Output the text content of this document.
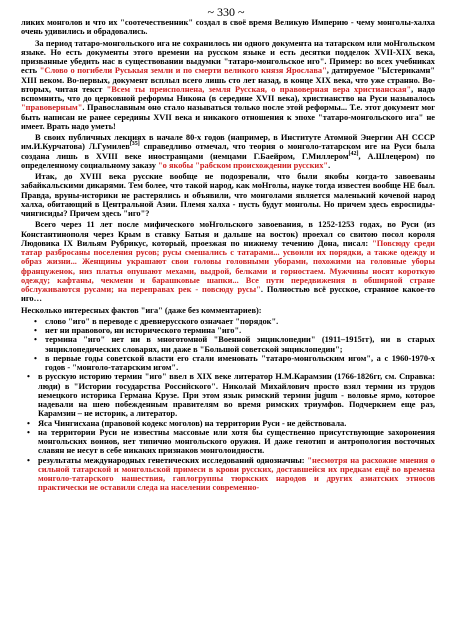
~ 330 ~

ликих монголов и что их "соотечественник" создал в своё время Великую Империю - чему монголы-халха очень удивились и обрадовались.

За период татаро-монгольского ига не сохранилось ни одного документа на татарском или моНгольском языке. Но есть документы этого времени на русском языке и есть десятки подделок XVII-XIX века, призванные убедить нас в существовании выдумки "татаро-монгольское иго". Пример: во всех учебниках есть "Слово о погибели Руськыя земли и по смерти великого князя Ярослава", датируемое "Ыстерикамн" XIII веком. Во-первых, документ всплыл всего лишь сто лет назад, в конце XIX века, что уже странно. Во-вторых, читая текст "Всем ты преисполнена, земля Русская, о правоверная вера христианская", надо вспомнить, что до церковной реформы Никона (в середине XVII века), христианство на Руси называлось "правоверным". Православным оно стало называться только после этой реформы... Т.е. этот документ мог быть написан не ранее середины XVII века и никакого отношения к эпохе "татаро-монгольского ига" не имеет. Врать надо уметь!

В своих публичных лекциях в начале 80-х годов (например, в Институте Атомной Энергии АН СССР им.И.Курчатова) Л.Гумилев[35] справедливо отмечал, что теория о монголо-татарском иге на Руси была создана лишь в XVIII веке иностранцами (немцами Г.Баейром, Г.Миллером[42], А.Шлецером) по определенному социальному заказу "о якобы "рабском происхождении русских".

Итак, до XVIII века русские вообще не подозревали, что были якобы когда-то завоеваны забайкальскими дикарями. Тем более, что такой народ, как моНголы, науке тогда известен вообще НЕ был. Правда, вруны-историки не растерялись и объявили, что монголами является маленький кочевой народ халха, обитающий в Центральной Азии. Племя халха - пусть будут монголы. Но причем здесь евроспиды-чингисиды? Причем здесь "иго"?

Всего через 11 лет после мифического моНгольского завоевания, в 1252-1253 годах, во Руси (из Константинополя через Крым в ставку Батыя и дальше на восток) проехал со свитою посол короля Людовика IX Вильям Рубрикус, который, проезжая по нижнему течению Дона, писал: "Повсюду среди татар разбросаны поселения русов; русы смешались с татарами... усвоили их порядки, а также одежду и образ жизни... Женщины украшают свои головы головными уборами, похожими на головные уборы француженок, низ платья опушают мехами, выдрой, белками и горностаем. Мужчины носят короткую одежду; кафтаны, чекмени и барашковые шапки... Все пути передвижения в обширной стране обслуживаются русами; на переправах рек - повсюду русы". Полностью всё русское, странное какое-то иго…

Несколько интересных фактов "ига" (даже без комментариев):

• слово "иго" в переводе с древнерусского означает "порядок".
• нет ни правового, ни исторического термина "иго".
• термина "иго" нет ни в многотомной "Военной энциклопедии" (1911–1915гг), ни в старых энциклопедических словарях, ни даже в "Большой советской энциклопедии";
• в первые годы советской власти его стали именовать "татаро-монгольским игом", а с 1960-1970-х годов - "монголо-татарским игом".
• в русскую историю термин "иго" ввел в XIX веке литератор Н.М.Карамзин (1766-1826гг, см. Справка: люди) в "Истории государства Российского". Николай Михайлович просто взял термин из трудов немецкого историка Германа Крузе. При этом язык римский термин jugum - воловье ярмо, которое надевали на шею побежденным правителям во время римских триумфов. Подчеркнем еще раз, Карамзин – не историк, а литератор.
• Яса Чингисхана (правовой кодекс моголов) на территории Руси - не действовала.
• на территории Руси не известны массовые или хотя бы существенно присутствующие захоронения монгольских воинов, нет типично монгольского оружия. И даже генотип и антропология восточных славян не несут в себе никаких признаков монголоидности.
• результаты международных генетических исследований однозначны: "несмотря на расхожие мнения о сильной татарской и монгольской примеси в крови русских, доставшейся их предкам ещё во времена монголо-татарского нашествия, гаплогруппы тюркских народов и других азиатских этносов практически не оставили следа на населении современно-
